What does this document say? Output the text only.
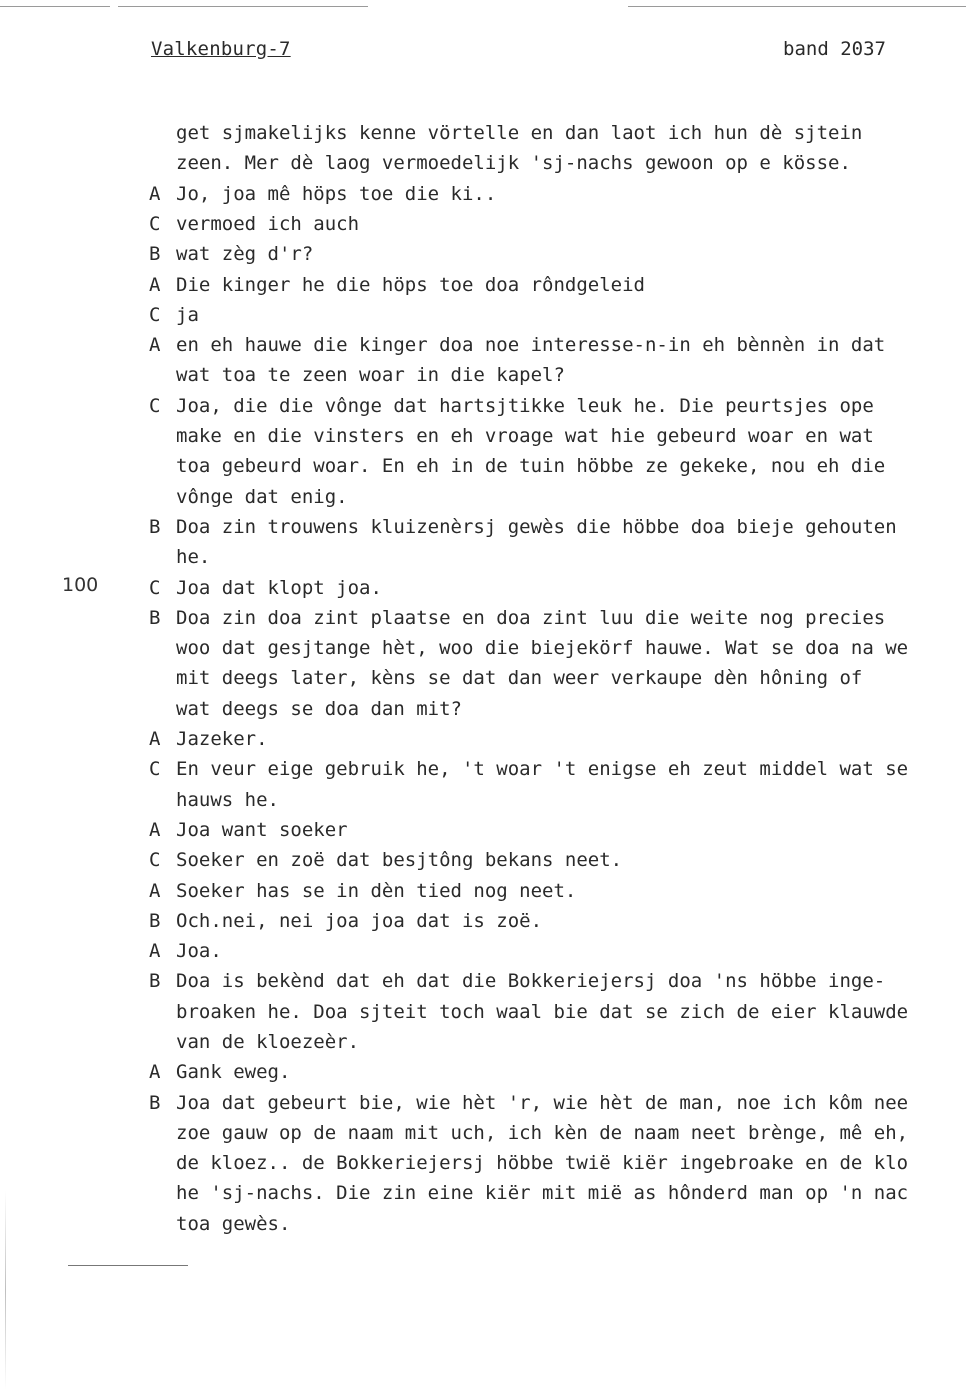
Valkenburg-7	band 2037
100
get sjmakelijks kenne vörtelle en dan laot ich hun dè sjtein
zeen. Mer dè laog vermoedelijk 'sj-nachs gewoon op e kösse.
A Jo, joa mê höps toe die ki..
C vermoed ich auch
B wat zèg d'r?
A Die kinger he die höps toe doa rôndgeleid
C ja
A en eh hauwe die kinger doa noe interesse-n-in eh bènnèn in dat
wat toa te zeen woar in die kapel?
C Joa, die die vônge dat hartsjtikke leuk he. Die peurtsjes ope
make en die vinsters en eh vroage wat hie gebeurd woar en wat
toa gebeurd woar. En eh in de tuin höbbe ze gekeke, nou eh die
vônge dat enig.
B Doa zin trouwens kluizenèrsj gewès die höbbe doa bieje gehouten
he.
C Joa dat klopt joa.
B Doa zin doa zint plaatse en doa zint luu die weite nog precies
woo dat gesjtange hèt, woo die biejekörf hauwe. Wat se doa na we
mit deegs later, kèns se dat dan weer verkaupe dèn hôning of
wat deegs se doa dan mit?
A Jazeker.
C En veur eige gebruik he, 't woar 't enigse eh zeut middel wat se
hauws he.
A Joa want soeker
C Soeker en zoë dat besjtông bekans neet.
A Soeker has se in dèn tied nog neet.
B Och.nei, nei joa joa dat is zoë.
A Joa.
B Doa is bekènd dat eh dat die Bokkeriejersj doa 'ns höbbe inge-
broaken he. Doa sjteit toch waal bie dat se zich de eier klauwde
van de kloezeèr.
A Gank eweg.
B Joa dat gebeurt bie, wie hèt 'r, wie hèt de man, noe ich kôm nee
zoe gauw op de naam mit uch, ich kèn de naam neet brènge, mê eh,
de kloez.. de Bokkeriejersj höbbe twië kiër ingebroake en de klo
he 'sj-nachs. Die zin eine kiër mit mië as hônderd man op 'n nac
toa gewès.
